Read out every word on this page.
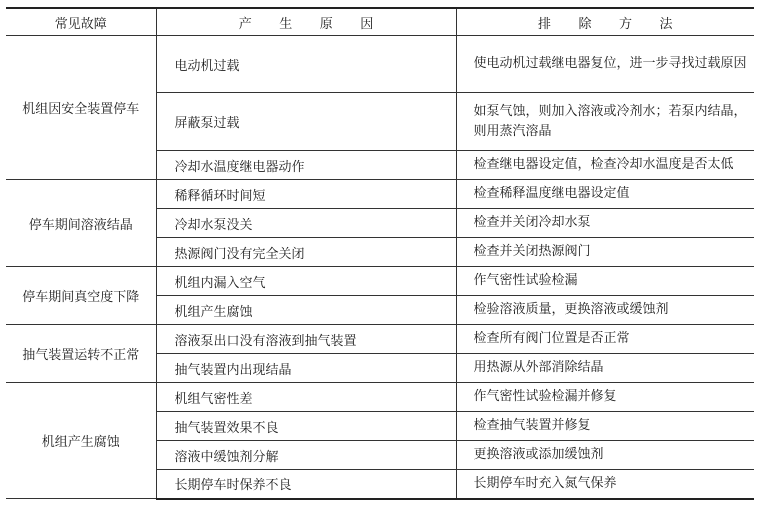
常见故障	产 生 原 因	排 除 方 法
机组因安全装置停车	电动机过载	使电动机过载继电器复位，进一步寻找过载原因
	屏蔽泵过载	如泵气蚀，则加入溶液或冷剂水；若泵内结晶，则用蒸汽溶晶
	冷却水温度继电器动作	检查继电器设定值，检查冷却水温度是否太低
停车期间溶液结晶	稀释循环时间短	检查稀释温度继电器设定值
	冷却水泵没关	检查并关闭冷却水泵
	热源阀门没有完全关闭	检查并关闭热源阀门
停车期间真空度下降	机组内漏入空气	作气密性试验检漏
	机组产生腐蚀	检验溶液质量，更换溶液或缓蚀剂
抽气装置运转不正常	溶液泵出口没有溶液到抽气装置	检查所有阀门位置是否正常
	抽气装置内出现结晶	用热源从外部消除结晶
机组产生腐蚀	机组气密性差	作气密性试验检漏并修复
	抽气装置效果不良	检查抽气装置并修复
	溶液中缓蚀剂分解	更换溶液或添加缓蚀剂
	长期停车时保养不良	长期停车时充入氮气保养
